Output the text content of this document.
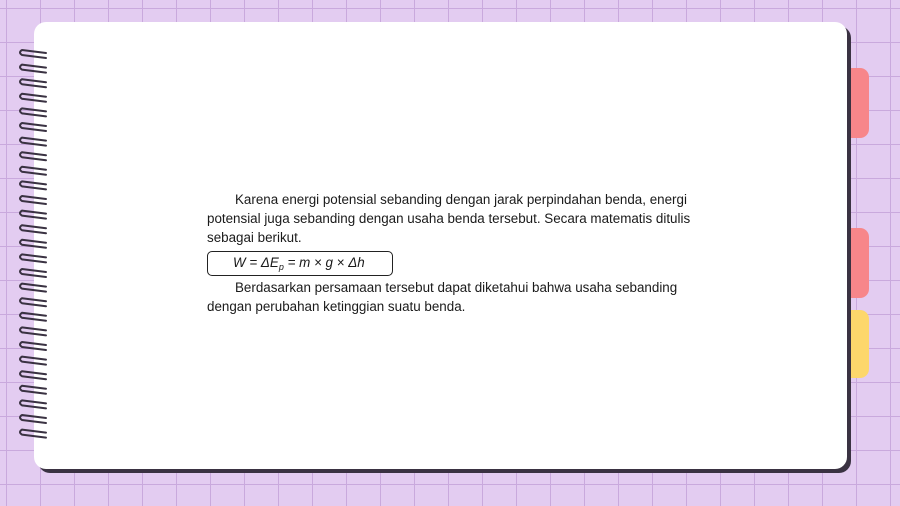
Karena energi potensial sebanding dengan jarak perpindahan benda, energi potensial juga sebanding dengan usaha benda tersebut. Secara matematis ditulis sebagai berikut.

$W = \Delta E_p = m \times g \times \Delta h$

Berdasarkan persamaan tersebut dapat diketahui bahwa usaha sebanding dengan perubahan ketinggian suatu benda.
